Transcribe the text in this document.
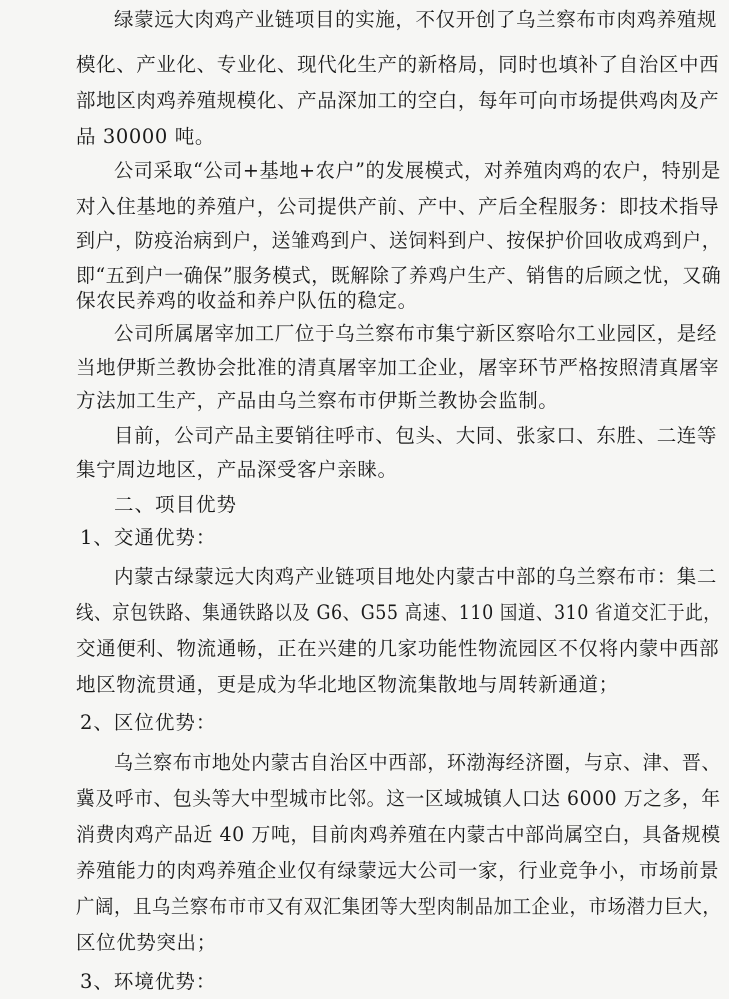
绿蒙远大肉鸡产业链项目的实施，不仅开创了乌兰察布市肉鸡养殖规
模化、产业化、专业化、现代化生产的新格局，同时也填补了自治区中西
部地区肉鸡养殖规模化、产品深加工的空白，每年可向市场提供鸡肉及产
品 30000 吨。
公司采取“公司+基地+农户”的发展模式，对养殖肉鸡的农户，特别是
对入住基地的养殖户，公司提供产前、产中、产后全程服务：即技术指导
到户，防疫治病到户，送雏鸡到户、送饲料到户、按保护价回收成鸡到户，
即“五到户一确保”服务模式，既解除了养鸡户生产、销售的后顾之忧，又确
保农民养鸡的收益和养户队伍的稳定。
公司所属屠宰加工厂位于乌兰察布市集宁新区察哈尔工业园区，是经
当地伊斯兰教协会批准的清真屠宰加工企业，屠宰环节严格按照清真屠宰
方法加工生产，产品由乌兰察布市伊斯兰教协会监制。
目前，公司产品主要销往呼市、包头、大同、张家口、东胜、二连等
集宁周边地区，产品深受客户亲睐。
二、项目优势
1、交通优势：
内蒙古绿蒙远大肉鸡产业链项目地处内蒙古中部的乌兰察布市：集二
线、京包铁路、集通铁路以及 G6、G55 高速、110 国道、310 省道交汇于此，
交通便利、物流通畅，正在兴建的几家功能性物流园区不仅将内蒙中西部
地区物流贯通，更是成为华北地区物流集散地与周转新通道；
2、区位优势：
乌兰察布市地处内蒙古自治区中西部，环渤海经济圈，与京、津、晋、
冀及呼市、包头等大中型城市比邻。这一区域城镇人口达 6000 万之多，年
消费肉鸡产品近 40 万吨，目前肉鸡养殖在内蒙古中部尚属空白，具备规模
养殖能力的肉鸡养殖企业仅有绿蒙远大公司一家，行业竞争小，市场前景
广阔，且乌兰察布市市又有双汇集团等大型肉制品加工企业，市场潜力巨大，
区位优势突出；
3、环境优势：
